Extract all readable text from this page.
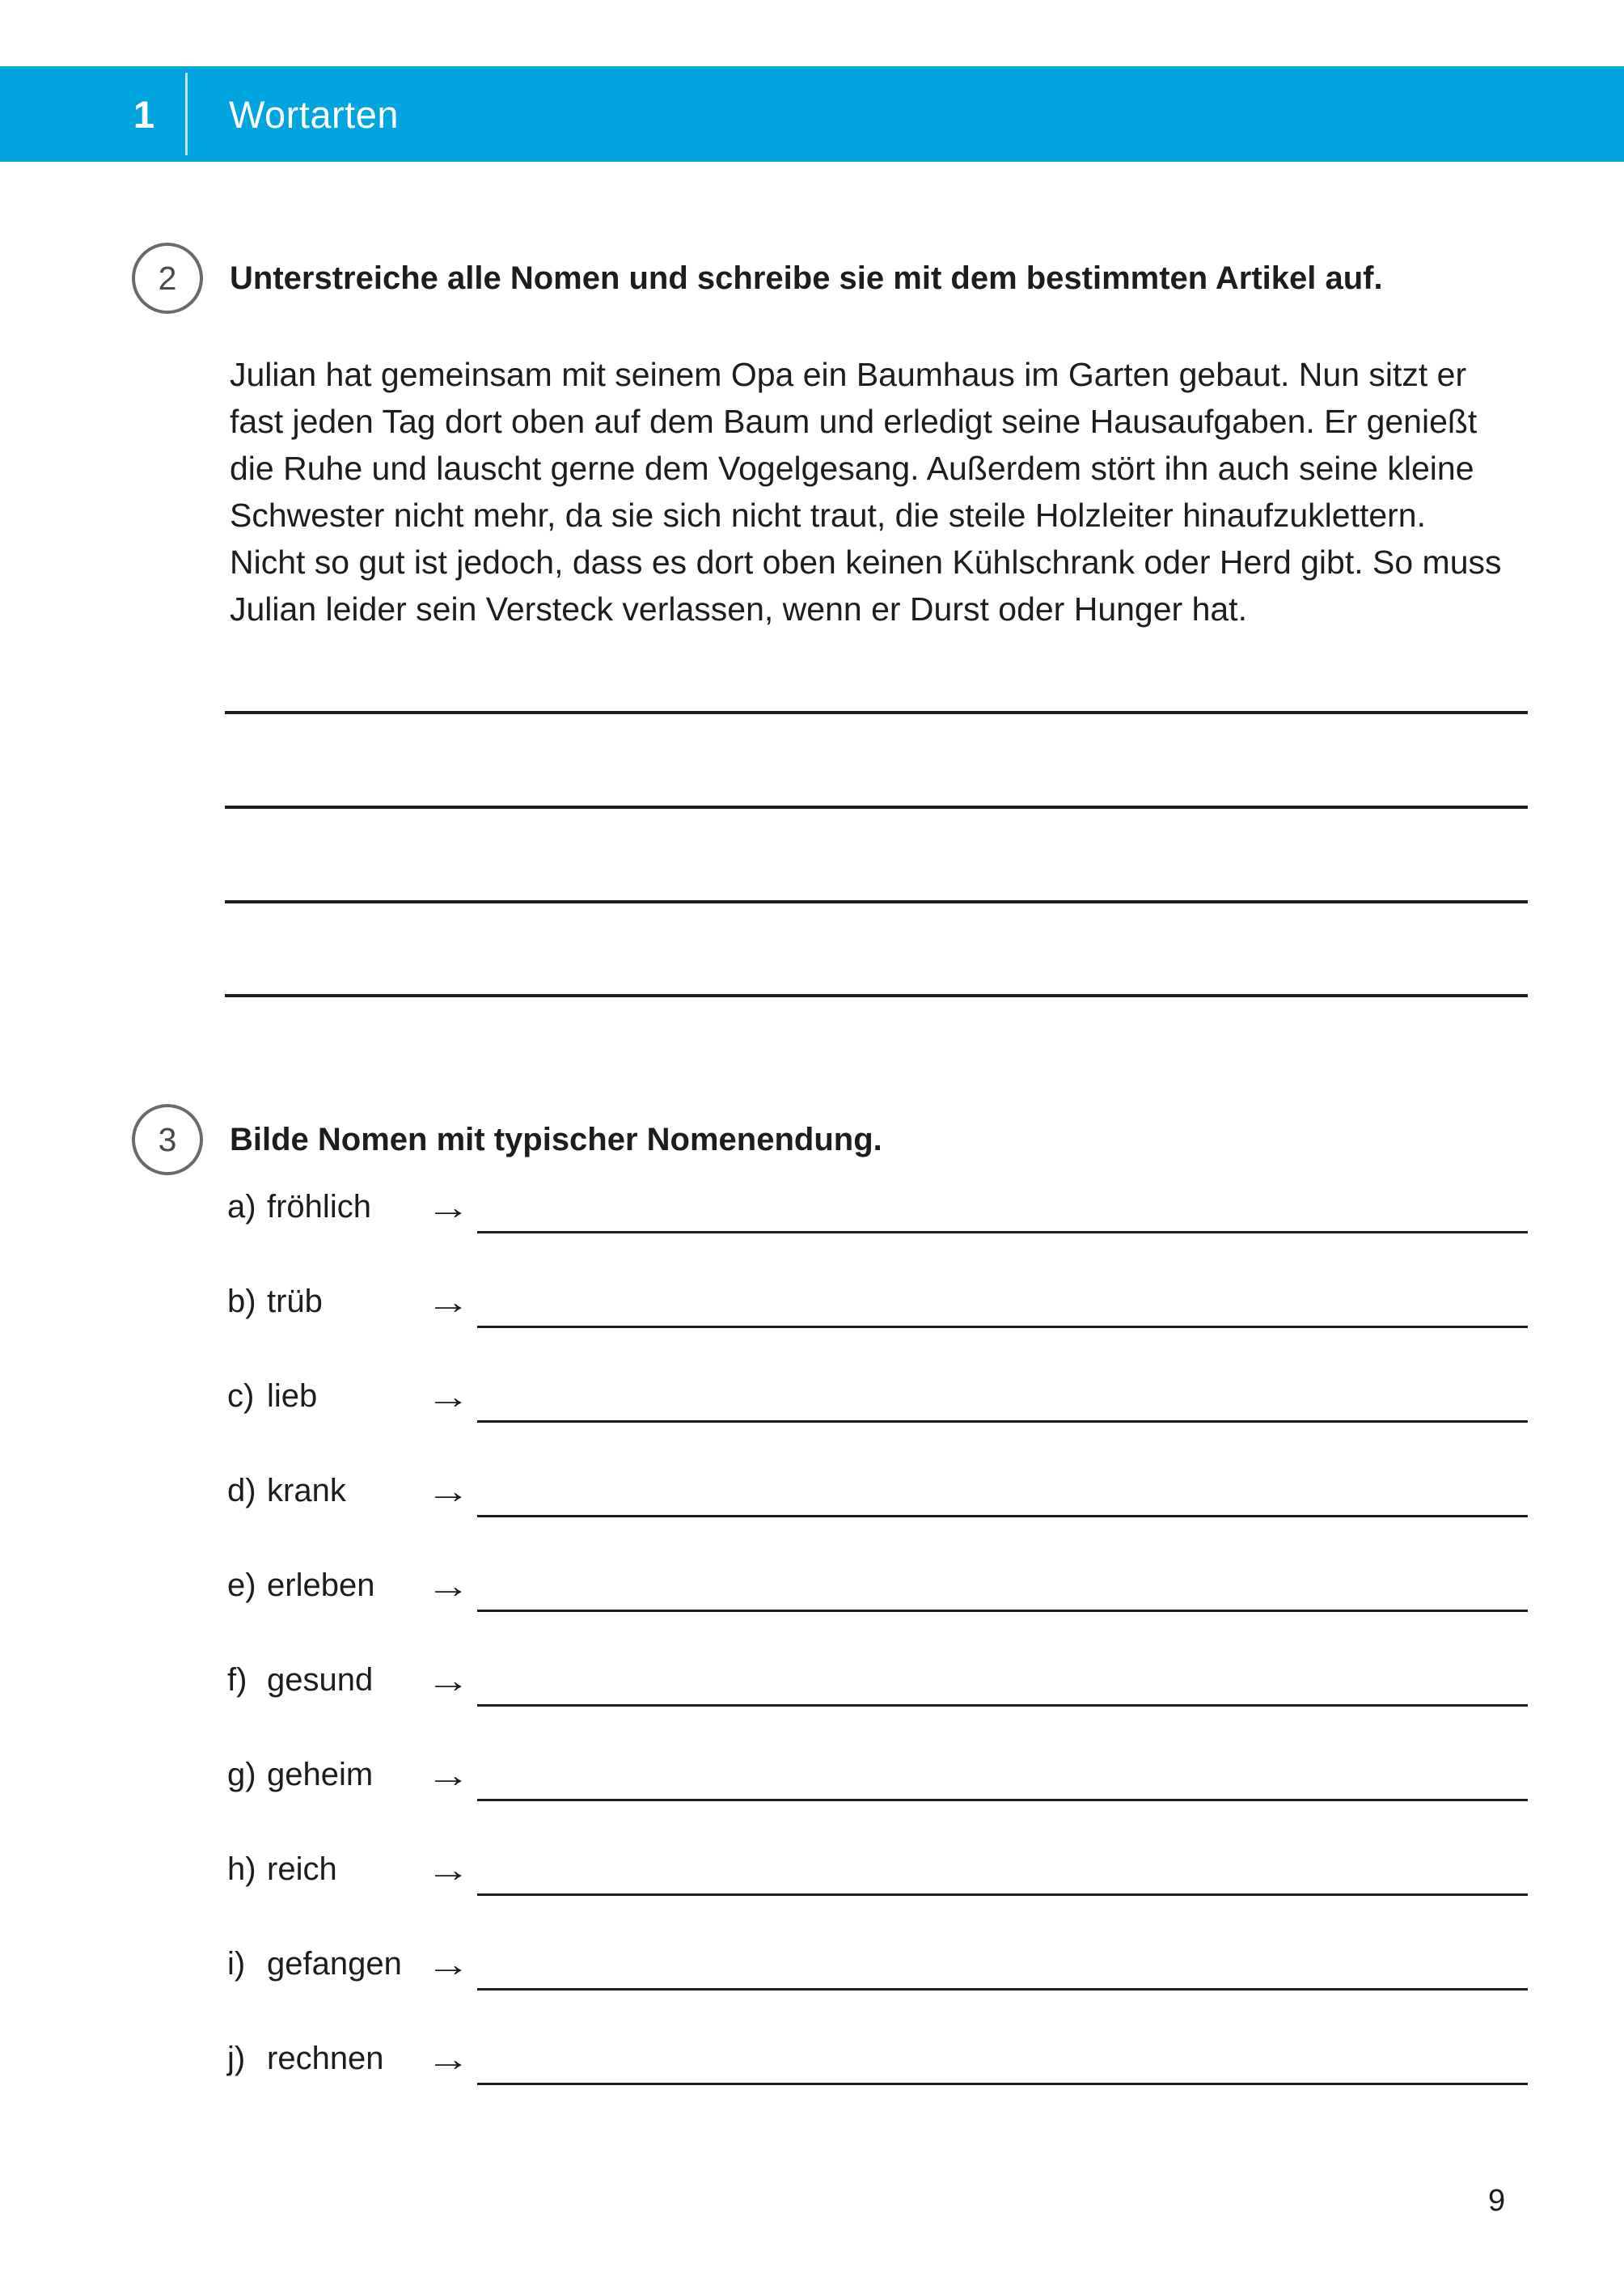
1	Wortarten
2 Unterstreiche alle Nomen und schreibe sie mit dem bestimmten Artikel auf.
Julian hat gemeinsam mit seinem Opa ein Baumhaus im Garten gebaut. Nun sitzt er
fast jeden Tag dort oben auf dem Baum und erledigt seine Hausaufgaben. Er genießt
die Ruhe und lauscht gerne dem Vogelgesang. Außerdem stört ihn auch seine kleine
Schwester nicht mehr, da sie sich nicht traut, die steile Holzleiter hinaufzuklettern.
Nicht so gut ist jedoch, dass es dort oben keinen Kühlschrank oder Herd gibt. So muss
Julian leider sein Versteck verlassen, wenn er Durst oder Hunger hat.
3 Bilde Nomen mit typischer Nomenendung.
a) fröhlich	→
b) trüb	→
c) lieb	→
d) krank	→
e) erleben	→
f) gesund	→
g) geheim	→
h) reich	→
i) gefangen →
j) rechnen	→
9
